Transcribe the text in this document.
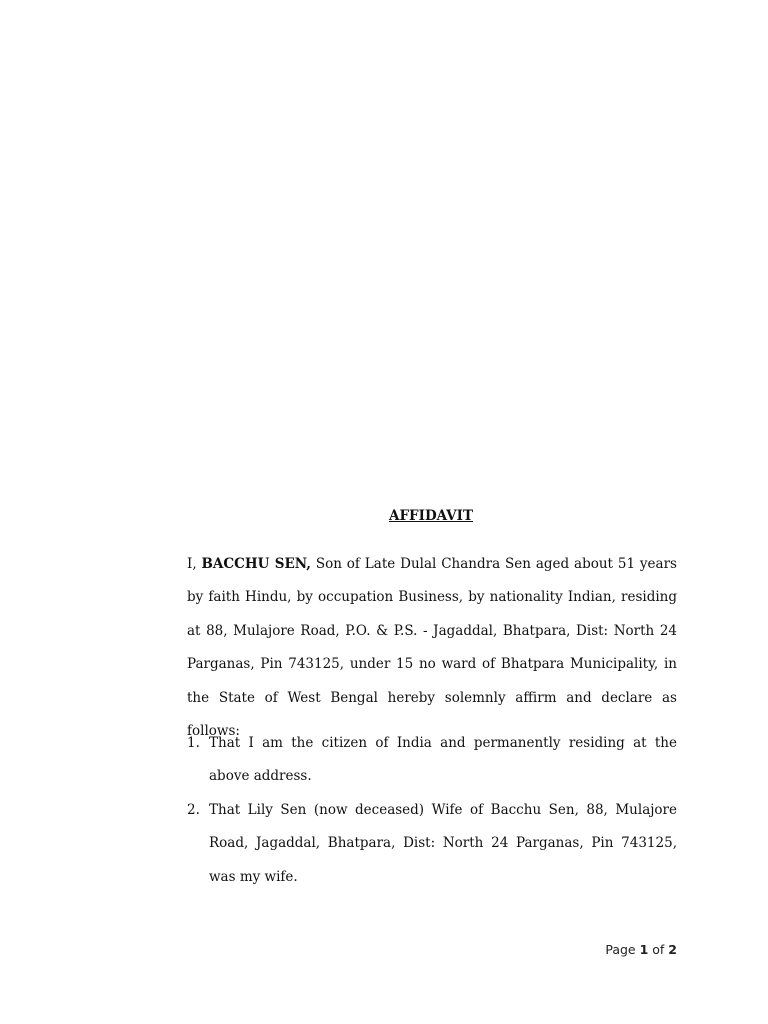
AFFIDAVIT
I, BACCHU SEN, Son of Late Dulal Chandra Sen aged about 51 years by faith Hindu, by occupation Business, by nationality Indian, residing at 88, Mulajore Road, P.O. & P.S. - Jagaddal, Bhatpara, Dist: North 24 Parganas, Pin 743125, under 15 no ward of Bhatpara Municipality, in the State of West Bengal hereby solemnly affirm and declare as follows:
1. That I am the citizen of India and permanently residing at the above address.
2. That Lily Sen (now deceased) Wife of Bacchu Sen, 88, Mulajore Road, Jagaddal, Bhatpara, Dist: North 24 Parganas, Pin 743125, was my wife.
Page 1 of 2
